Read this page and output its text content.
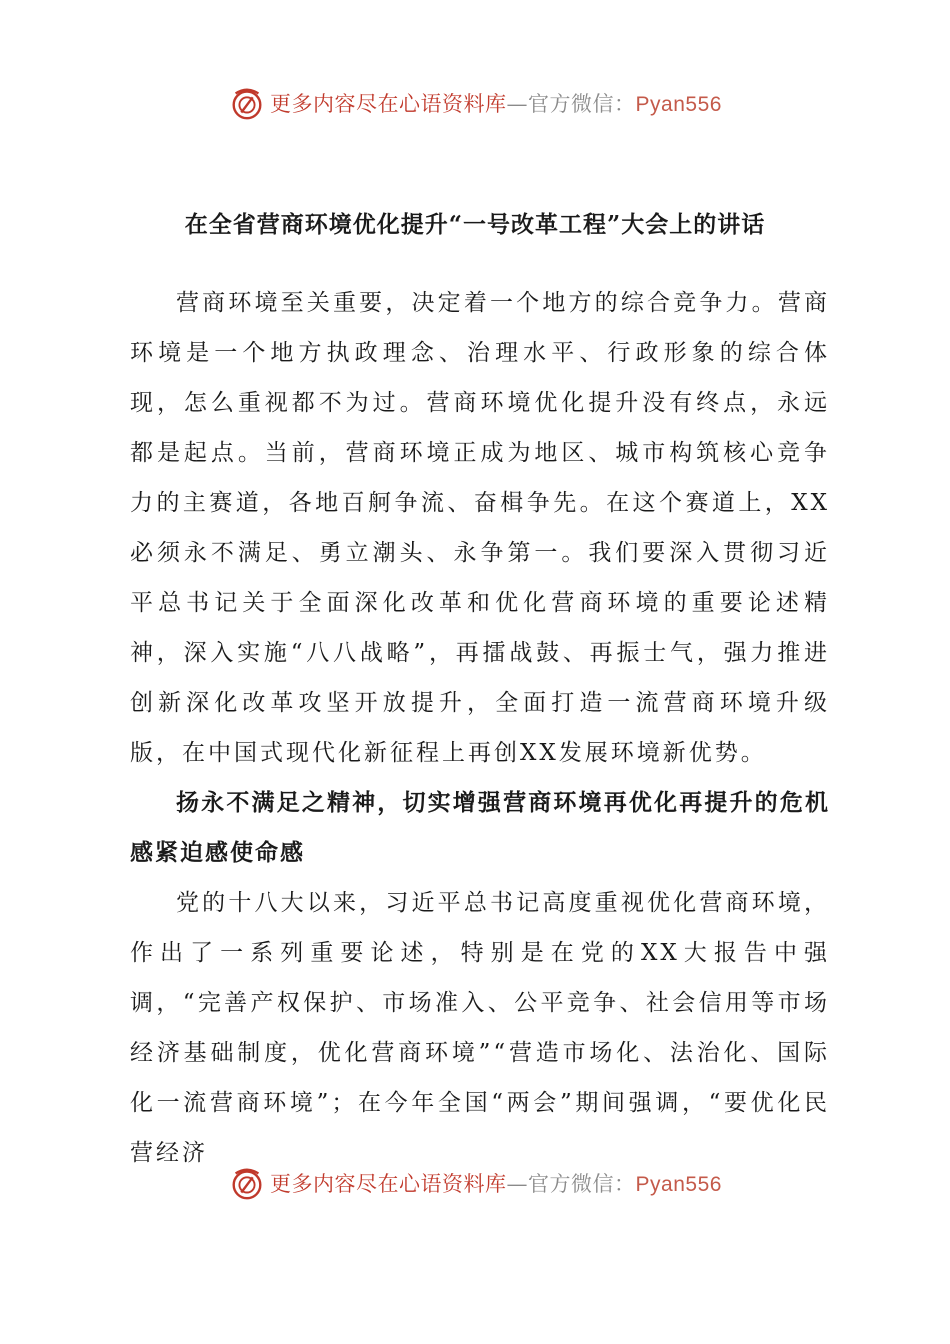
更多内容尽在心语资料库—官方微信：Pyan556
在全省营商环境优化提升“一号改革工程”大会上的讲话

营商环境至关重要，决定着一个地方的综合竞争力。营商环境是一个地方执政理念、治理水平、行政形象的综合体现，怎么重视都不为过。营商环境优化提升没有终点，永远都是起点。当前，营商环境正成为地区、城市构筑核心竞争力的主赛道，各地百舸争流、奋楫争先。在这个赛道上，XX必须永不满足、勇立潮头、永争第一。我们要深入贯彻习近平总书记关于全面深化改革和优化营商环境的重要论述精神，深入实施“八八战略”，再擂战鼓、再振士气，强力推进创新深化改革攻坚开放提升，全面打造一流营商环境升级版，在中国式现代化新征程上再创XX发展环境新优势。

扬永不满足之精神，切实增强营商环境再优化再提升的危机感紧迫感使命感

党的十八大以来，习近平总书记高度重视优化营商环境，作出了一系列重要论述，特别是在党的XX大报告中强调，“完善产权保护、市场准入、公平竞争、社会信用等市场经济基础制度，优化营商环境”“营造市场化、法治化、国际化一流营商环境”；在今年全国“两会”期间强调，“要优化民营经济

更多内容尽在心语资料库—官方微信：Pyan556
